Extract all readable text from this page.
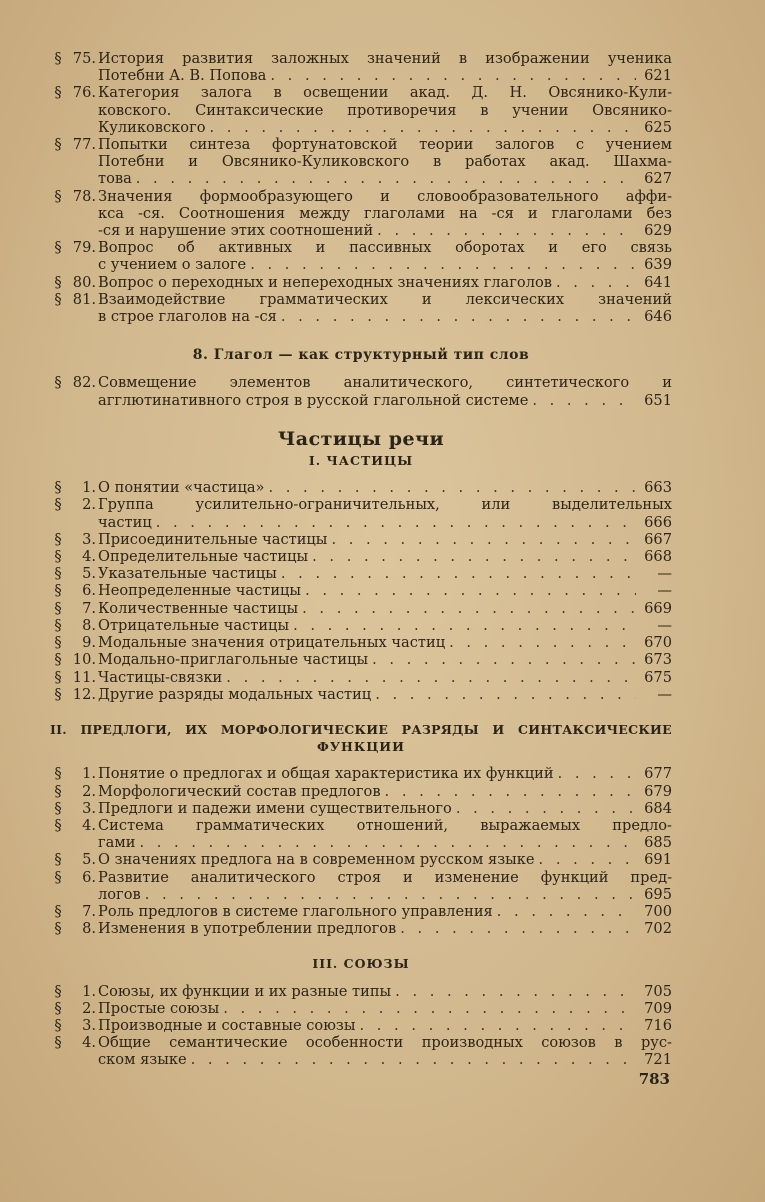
§ 75. История развития заложных значений в изображении ученика
Потебни А. В. Попова . . .	621
§ 76. Категория залога в освещении акад. Д. Н. Овсянико-Кули-
ковского. Синтаксические противоречия в учении Овсянико-
Куликовского . . .	625
§ 77. Попытки синтеза фортунатовской теории залогов с учением
Потебни и Овсянико-Куликовского в работах акад. Шахма-
това . . .	627
§ 78. Значения формообразующего и словообразовательного аффи-
кса -ся. Соотношения между глаголами на -ся и глаголами без
-ся и нарушение этих соотношений . . .	629
§ 79. Вопрос об активных и пассивных оборотах и его связь
с учением о залоге . . .	639
§ 80. Вопрос о переходных и непереходных значениях глаголов . . .	641
§ 81. Взаимодействие грамматических и лексических значений
в строе глаголов на -ся . . .	646
8. Глагол — как структурный тип слов
§ 82. Совмещение элементов аналитического, синтетического и
агглютинативного строя в русской глагольной системе . . .	651
Частицы речи
I. ЧАСТИЦЫ
§	1. О понятии «частица» . . .	663
§	2. Группа усилительно-ограничительных, или выделительных
частиц . . .	666
§	3. Присоединительные частицы . . .	667
§	4. Определительные частицы . . .	668
§	5. Указательные частицы . . .	—
§	6. Неопределенные частицы . . .	—
§	7. Количественные частицы . . .	669
§	8. Отрицательные частицы . . .	—
§	9. Модальные значения отрицательных частиц . . .	670
§ 10. Модально-приглагольные частицы . . .	673
§ 11. Частицы-связки . . .	675
§ 12. Другие разряды модальных частиц . . .	—
II. ПРЕДЛОГИ, ИХ МОРФОЛОГИЧЕСКИЕ РАЗРЯДЫ И СИНТАКСИЧЕСКИЕ
ФУНКЦИИ
§	1. Понятие о предлогах и общая характеристика их функций . . .	677
§	2. Морфологический состав предлогов . . .	679
§	3. Предлоги и падежи имени существительного . . .	684
§	4. Система грамматических отношений, выражаемых предло-
гами . . .	685
§	5. О значениях предлога на в современном русском языке . . .	691
§	6. Развитие аналитического строя и изменение функций пред-
логов . . .	695
§	7. Роль предлогов в системе глагольного управления . . .	700
§	8. Изменения в употреблении предлогов . . .	702
III. СОЮЗЫ
§	1. Союзы, их функции и их разные типы . . .	705
§	2. Простые союзы . . .	709
§	3. Производные и составные союзы . . .	716
§	4. Общие семантические особенности производных союзов в рус-
ском языке . . .	721
783
